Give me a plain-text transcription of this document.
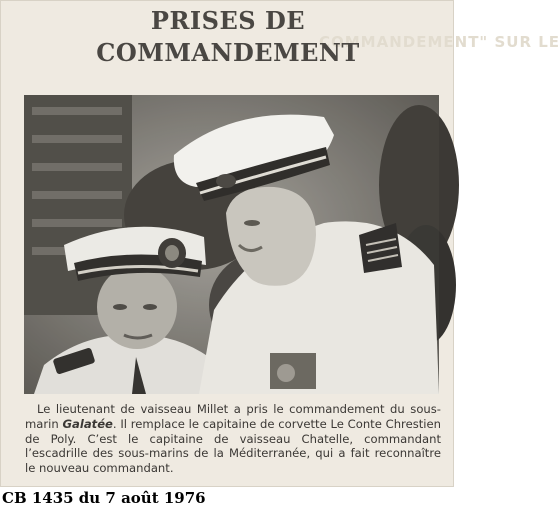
COMMANDEMENT" SUR LE
PRISES DE
COMMANDEMENT

Le lieutenant de vaisseau Millet a pris le commandement du sous-marin Galatée. Il remplace le capitaine de corvette Le Conte Chrestien de Poly. C’est le capitaine de vaisseau Chatelle, commandant l’escadrille des sous-marins de la Méditerranée, qui a fait reconnaître le nouveau commandant.

CB 1435 du 7 août 1976
